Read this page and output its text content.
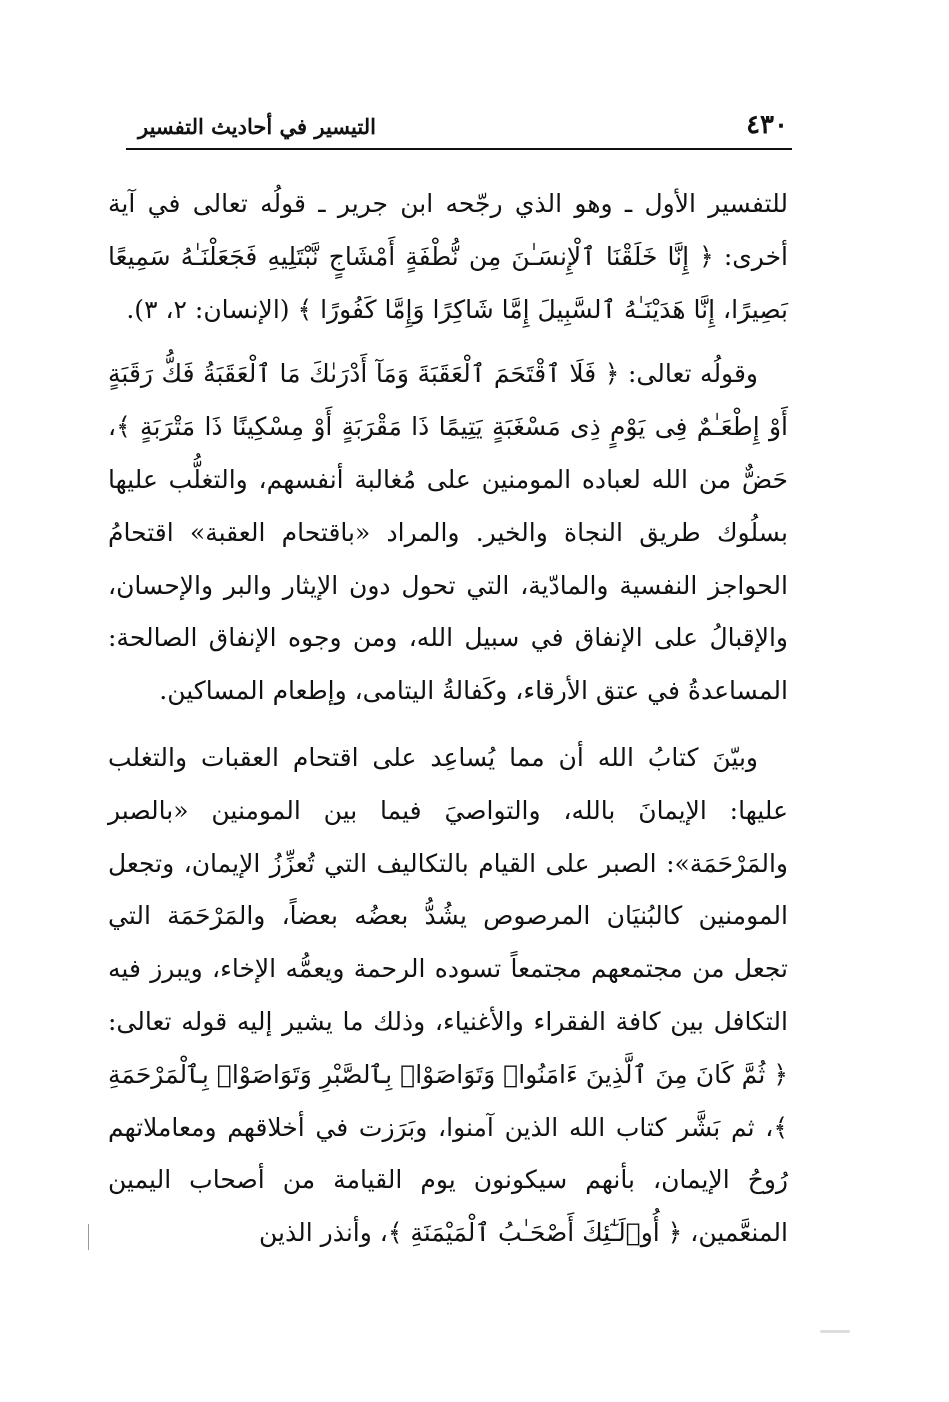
٤٣٠
التيسير في أحاديث التفسير

للتفسير الأول ـ وهو الذي رجّحه ابن جرير ـ قولُه تعالى في آية أخرى: ﴿ إِنَّا خَلَقْنَا ٱلْإِنسَـٰنَ مِن نُّطْفَةٍ أَمْشَاجٍ نَّبْتَلِيهِ فَجَعَلْنَـٰهُ سَمِيعًا بَصِيرًا، إِنَّا هَدَيْنَـٰهُ ٱلسَّبِيلَ إِمَّا شَاكِرًا وَإِمَّا كَفُورًا ﴾ (الإنسان: ٢، ٣).

وقولُه تعالى: ﴿ فَلَا ٱقْتَحَمَ ٱلْعَقَبَةَ وَمَآ أَدْرَىٰكَ مَا ٱلْعَقَبَةُ فَكُّ رَقَبَةٍ أَوْ إِطْعَـٰمٌ فِى يَوْمٍ ذِى مَسْغَبَةٍ يَتِيمًا ذَا مَقْرَبَةٍ أَوْ مِسْكِينًا ذَا مَتْرَبَةٍ ﴾، حَضٌّ من الله لعباده المومنين على مُغالبة أنفسهم، والتغلُّب عليها بسلُوك طريق النجاة والخير. والمراد «باقتحام العقبة» اقتحامُ الحواجز النفسية والمادّية، التي تحول دون الإيثار والبر والإحسان، والإقبالُ على الإنفاق في سبيل الله، ومن وجوه الإنفاق الصالحة: المساعدةُ في عتق الأرقاء، وكَفالةُ اليتامى، وإطعام المساكين.

وبيّنَ كتابُ الله أن مما يُساعِد على اقتحام العقبات والتغلب عليها: الإيمانَ بالله، والتواصيَ فيما بين المومنين «بالصبر والمَرْحَمَة»: الصبر على القيام بالتكاليف التي تُعزِّزُ الإيمان، وتجعل المومنين كالبُنيَان المرصوص يشُدُّ بعضُه بعضاً، والمَرْحَمَة التي تجعل من مجتمعهم مجتمعاً تسوده الرحمة ويعمُّه الإخاء، ويبرز فيه التكافل بين كافة الفقراء والأغنياء، وذلك ما يشير إليه قوله تعالى: ﴿ ثُمَّ كَانَ مِنَ ٱلَّذِينَ ءَامَنُوا۟ وَتَوَاصَوْا۟ بِٱلصَّبْرِ وَتَوَاصَوْا۟ بِٱلْمَرْحَمَةِ ﴾، ثم بَشَّر كتاب الله الذين آمنوا، وبَرَزت في أخلاقهم ومعاملاتهم رُوحُ الإيمان، بأنهم سيكونون يوم القيامة من أصحاب اليمين المنعَّمين، ﴿ أُو۟لَـٰٓئِكَ أَصْحَـٰبُ ٱلْمَيْمَنَةِ ﴾، وأنذر الذين
